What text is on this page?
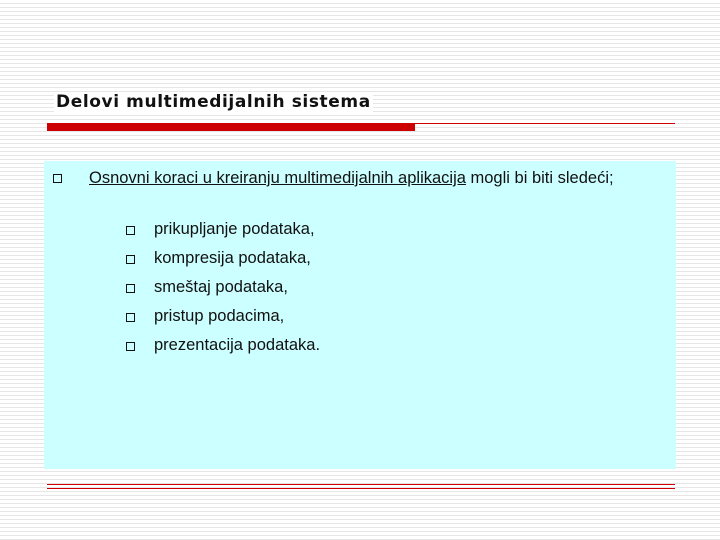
Delovi multimedijalnih sistema
Osnovni koraci u kreiranju multimedijalnih aplikacija mogli bi biti sledeći;
prikupljanje podataka,
kompresija podataka,
smeštaj podataka,
pristup podacima,
prezentacija podataka.
